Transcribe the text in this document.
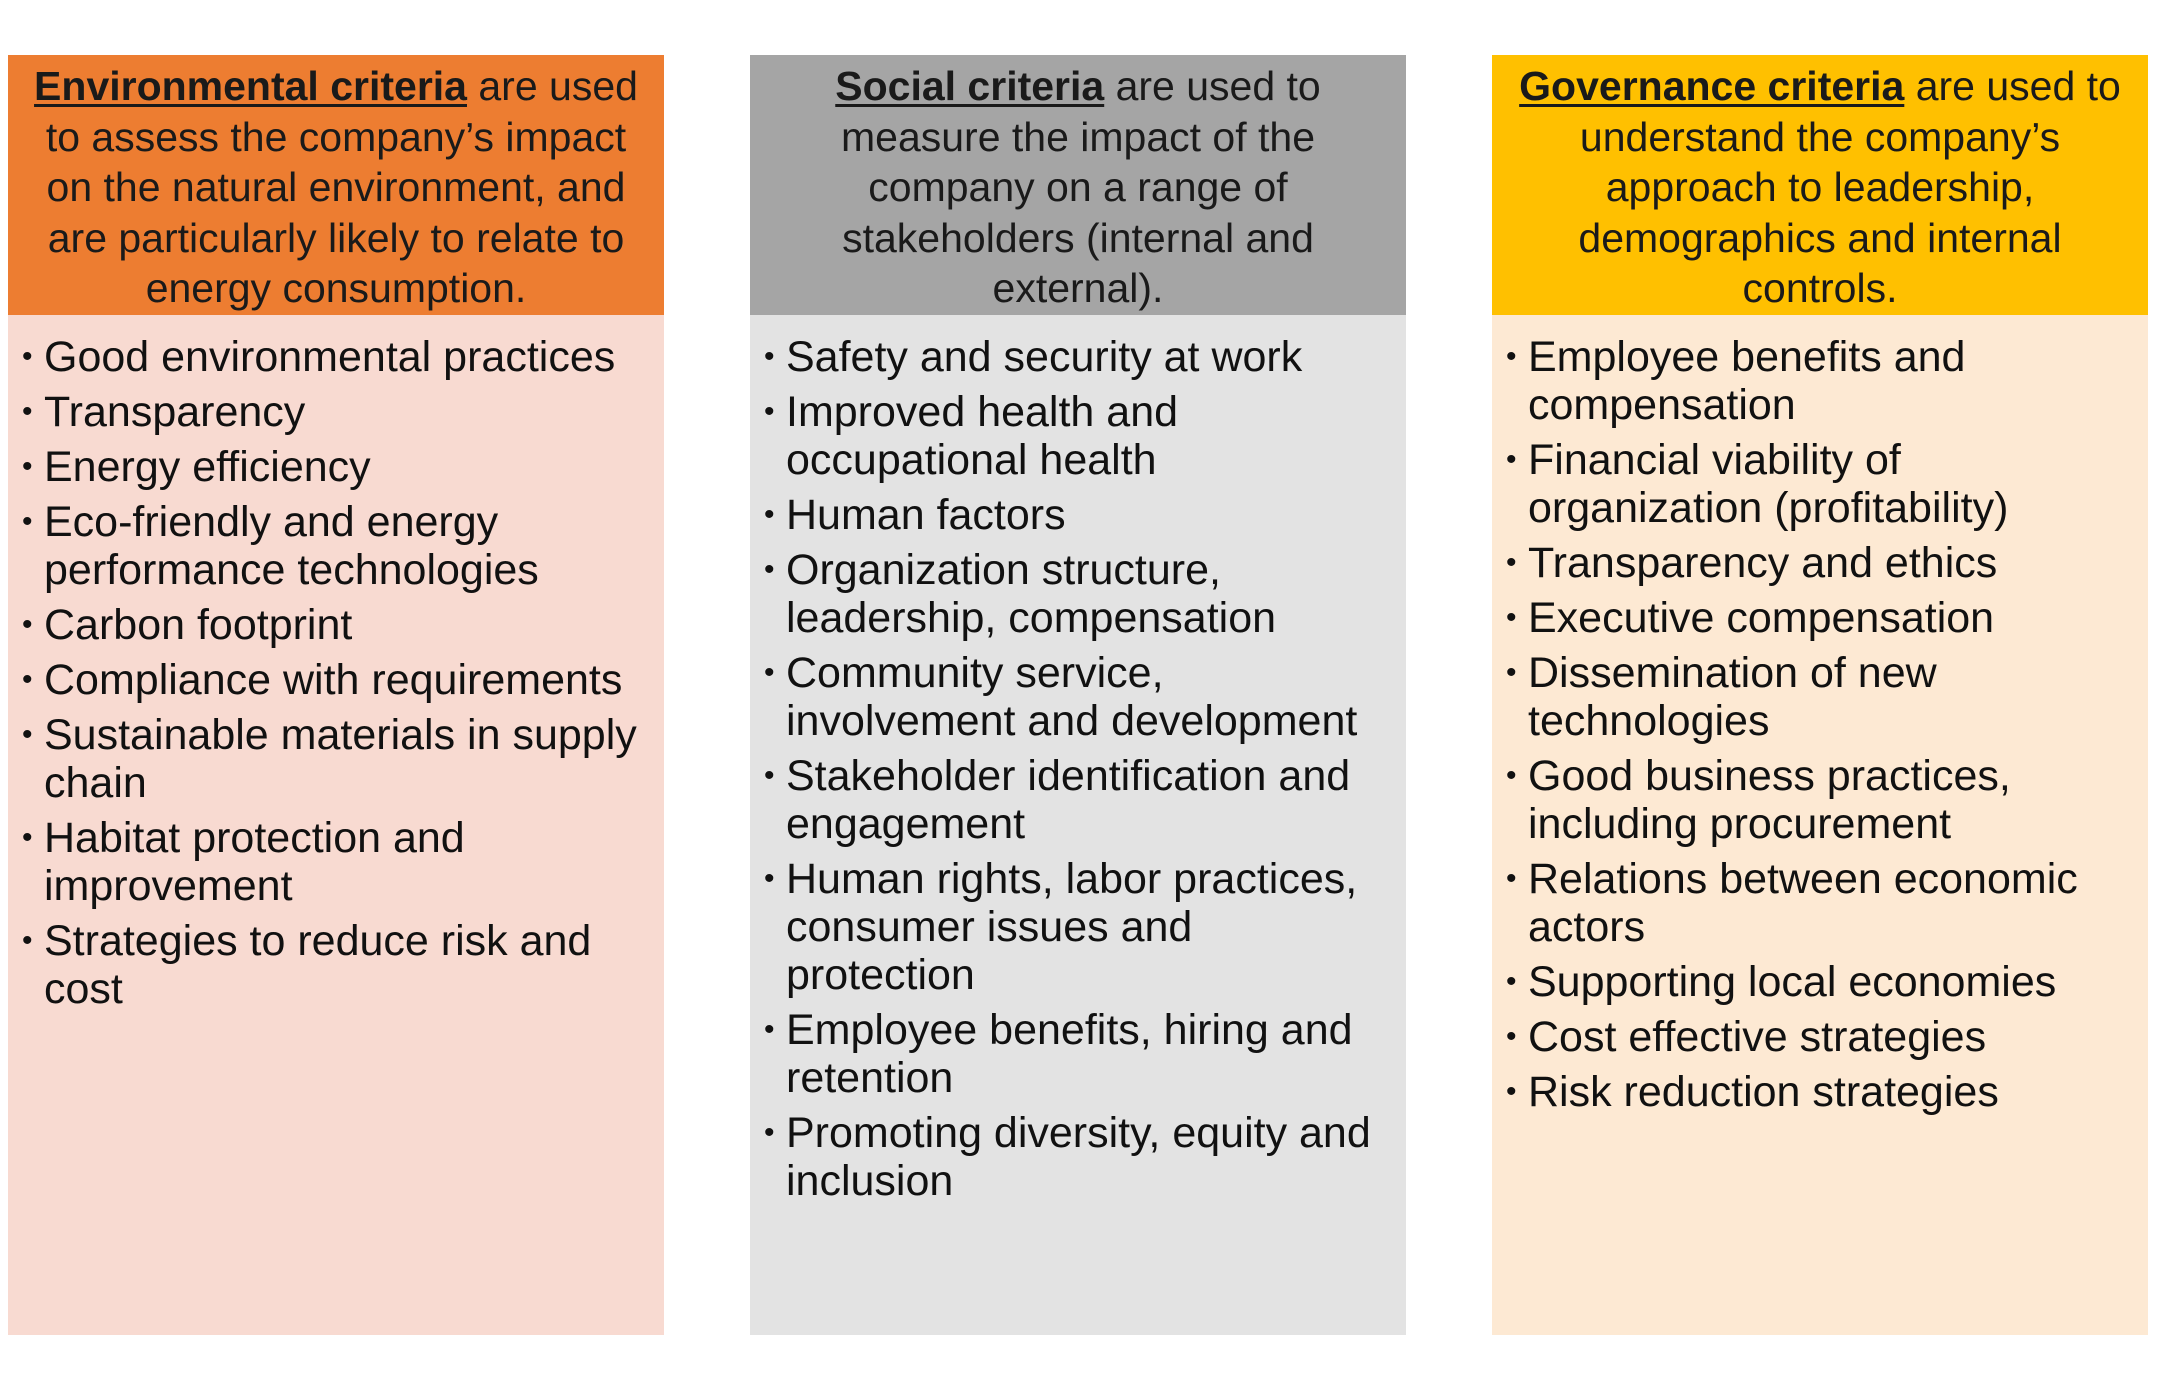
Environmental criteria are used to assess the company’s impact on the natural environment, and are particularly likely to relate to energy consumption.
• Good environmental practices
• Transparency
• Energy efficiency
• Eco-friendly and energy performance technologies
• Carbon footprint
• Compliance with requirements
• Sustainable materials in supply chain
• Habitat protection and improvement
• Strategies to reduce risk and cost
Social criteria are used to measure the impact of the company on a range of stakeholders (internal and external).
• Safety and security at work
• Improved health and occupational health
• Human factors
• Organization structure, leadership, compensation
• Community service, involvement and development
• Stakeholder identification and engagement
• Human rights, labor practices, consumer issues and protection
• Employee benefits, hiring and retention
• Promoting diversity, equity and inclusion
Governance criteria are used to understand the company’s approach to leadership, demographics and internal controls.
• Employee benefits and compensation
• Financial viability of organization (profitability)
• Transparency and ethics
• Executive compensation
• Dissemination of new technologies
• Good business practices, including procurement
• Relations between economic actors
• Supporting local economies
• Cost effective strategies
• Risk reduction strategies
